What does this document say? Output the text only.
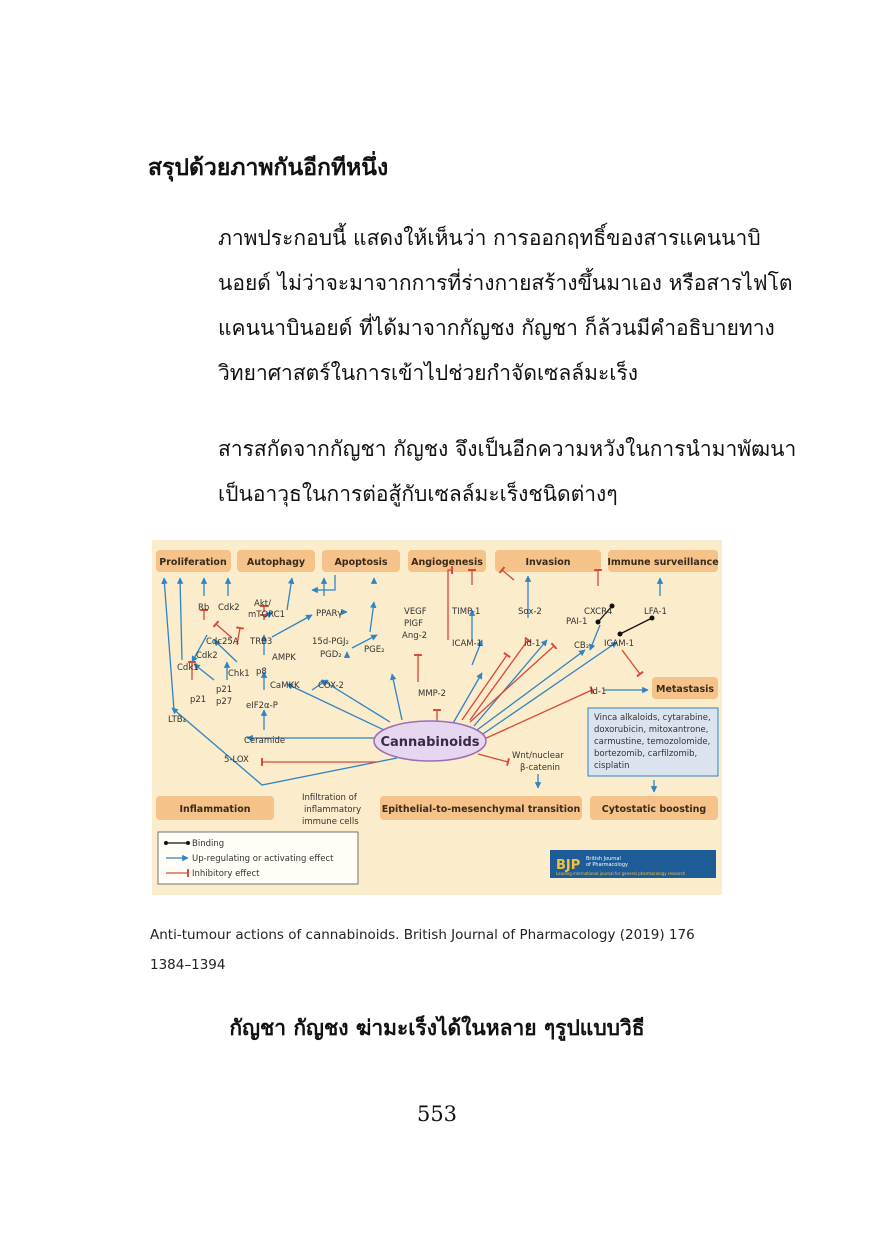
สรุปด้วยภาพกันอีกทีหนึ่ง

ภาพประกอบนี้ แสดงให้เห็นว่า การออกฤทธิ์ของสารแคนนาบินอยด์ ไม่ว่าจะมาจากการที่ร่างกายสร้างขึ้นมาเอง หรือสารไฟโตแคนนาบินอยด์ ที่ได้มาจากกัญชง กัญชา ก็ล้วนมีคำอธิบายทางวิทยาศาสตร์ในการเข้าไปช่วยกำจัดเซลล์มะเร็ง

สารสกัดจากกัญชา กัญชง จึงเป็นอีกความหวังในการนำมาพัฒนาเป็นอาวุธในการต่อสู้กับเซลล์มะเร็งชนิดต่างๆ

Proliferation Autophagy	Apoptosis Angiogenesis	Invasion	Immune surveillance
Metastasis
Inflammation	Epithelial-to-mesenchymal transition Cytostatic boosting
Vinca alkaloids, cytarabine,
doxorubicin, mitoxantrone,
carmustine, temozolomide,
bortezomib, carfilzomib,
cisplatin
Rb Cdk2 Akt/
mTORC1	PPARγ
Cdc25A TRB3
Cdk2
Cdk1
Chk1 p8
AMPK
15d-PGJ₂
PGD₂	PGE₂
p21
p27
CaMKK COX-2
p21
eIF2α-P
LTB₄
Ceramide
5-LOX
VEGF
PlGF
Ang-2
MMP-2
TIMP-1
ICAM-1
Sox-2
Id-1
PAI-1
CXCR4
CB₂ ICAM-1
LFA-1
Id-1
Wnt/nuclear
β-catenin
Infiltration of
inflammatory
immune cells
Cannabinoids
Binding
Up-regulating or activating effect
Inhibitory effect
BJP British Journal
of Pharmacology
Leading international journal for general pharmacology research

Anti-tumour actions of cannabinoids. British Journal of Pharmacology (2019) 176 1384–1394

กัญชา กัญชง ฆ่ามะเร็งได้ในหลาย ๆรูปแบบวิธี

553
